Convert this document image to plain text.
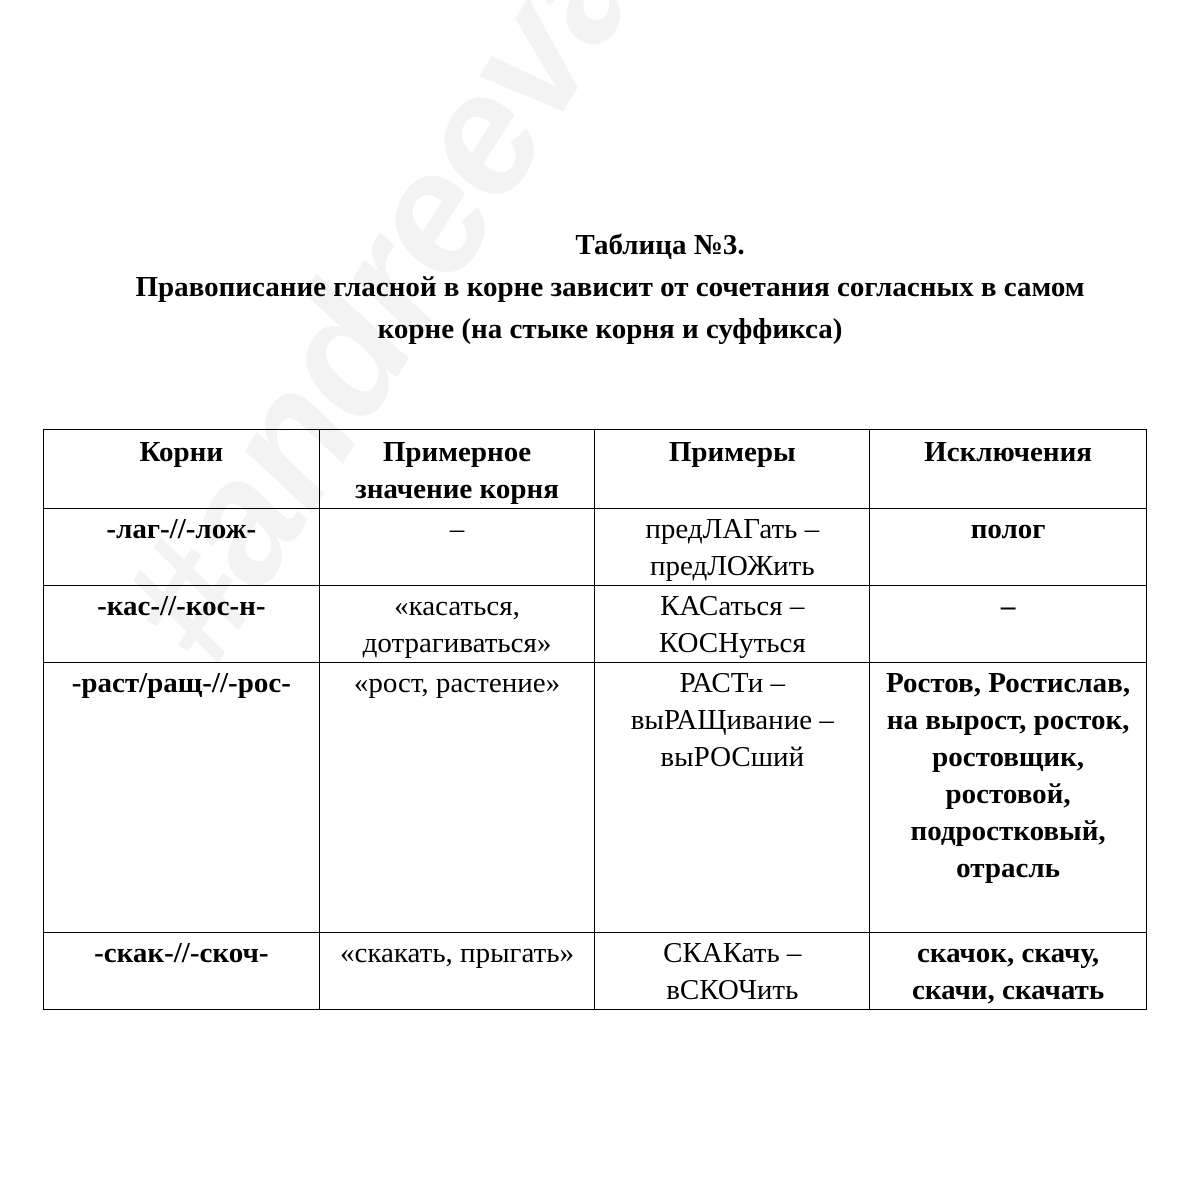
Таблица №3.
Правописание гласной в корне зависит от сочетания согласных в самом
корне (на стыке корня и суффикса)
Корни	Примерное значение корня	Примеры	Исключения
-лаг-//-лож-	–	предЛАГать – предЛОЖить	полог
-кас-//-кос-н-	«касаться, дотрагиваться»	КАСаться – КОСНуться	–
-раст/ращ-//-рос-	«рост, растение»	РАСТи – выРАЩивание – выРОСший	Ростов, Ростислав, на вырост, росток, ростовщик, ростовой, подростковый, отрасль
-скак-//-скоч-	«скакать, прыгать»	СКАКать – вСКОЧить	скачок, скачу, скачи, скачать
